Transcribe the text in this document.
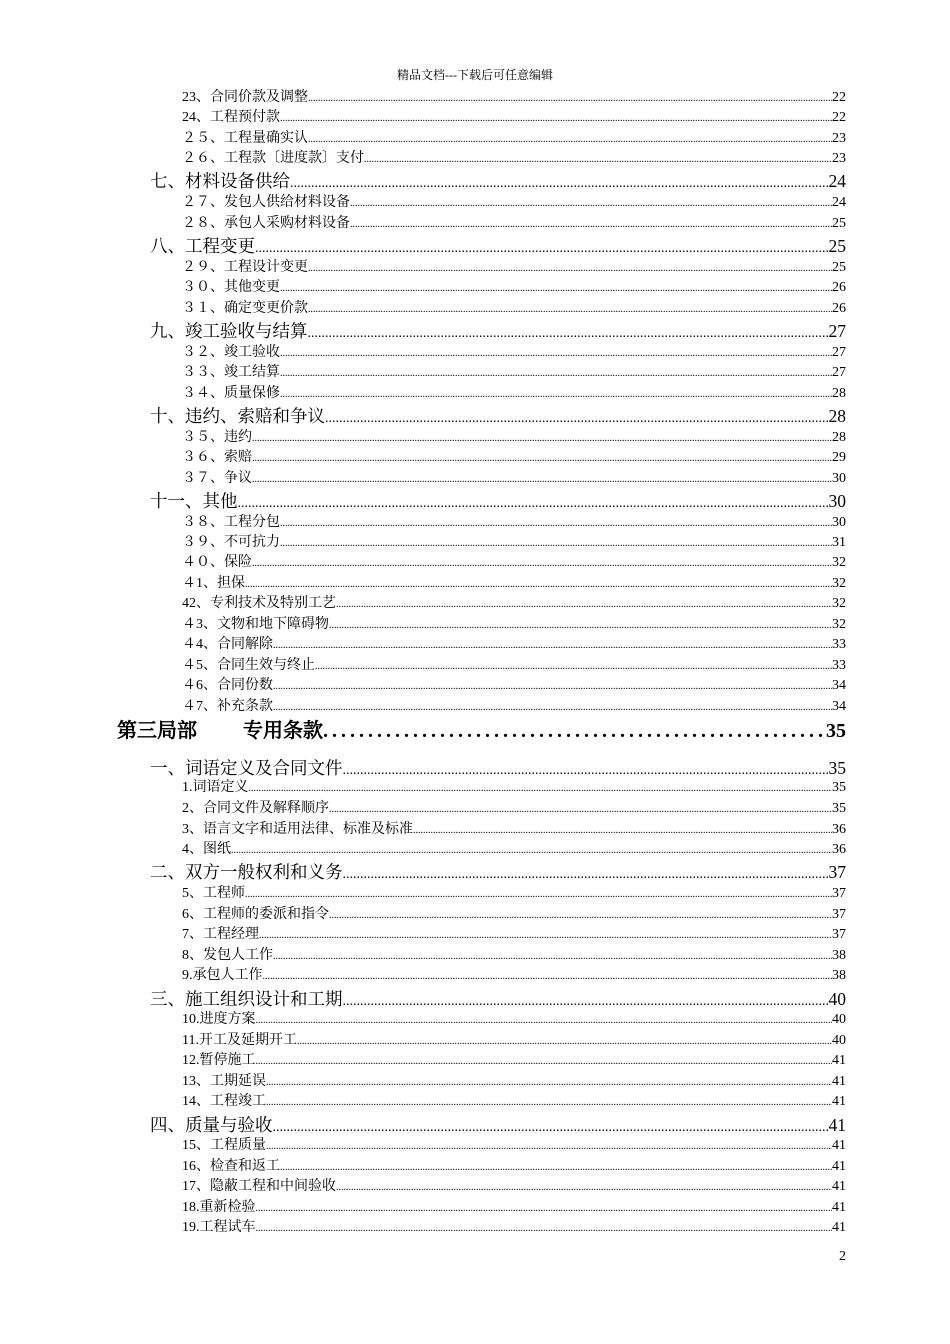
精品文档---下载后可任意编辑
23、合同价款及调整 .....	22
24、工程预付款 .....	22
２５、工程量确实认 .....	23
２６、工程款〔进度款〕支付 .....	23
七、材料设备供给 .....	24
２７、发包人供给材料设备 .....	24
２８、承包人采购材料设备 .....	25
八、工程变更 .....	25
２９、工程设计变更 .....	25
３０、其他变更 .....	26
３１、确定变更价款 .....	26
九、竣工验收与结算 .....	27
３２、竣工验收 .....	27
３３、竣工结算 .....	27
３４、质量保修 .....	28
十、违约、索赔和争议 .....	28
３５、违约 .....	28
３６、索赔 .....	29
３７、争议 .....	30
十一、其他 .....	30
３８、工程分包 .....	30
３９、不可抗力 .....	31
４０、保险 .....	32
４1、担保 .....	32
42、专利技术及特别工艺 .....	32
４3、文物和地下障碍物 .....	32
４4、合同解除 .....	33
４5、合同生效与终止 .....	33
４6、合同份数 .....	34
４7、补充条款 .....	34
第三局部 专用条款 .....	35
一、词语定义及合同文件 .....	35
1.词语定义 .....	35
2、合同文件及解释顺序 .....	35
3、语言文字和适用法律、标准及标准 .....	36
4、图纸 .....	36
二、双方一般权利和义务 .....	37
5、工程师 .....	37
6、工程师的委派和指令 .....	37
7、工程经理 .....	37
8、发包人工作 .....	38
9.承包人工作 .....	38
三、施工组织设计和工期 .....	40
10.进度方案 .....	40
11.开工及延期开工 .....	40
12.暂停施工 .....	41
13、工期延误 .....	41
14、工程竣工 .....	41
四、质量与验收 .....	41
15、工程质量 .....	41
16、检查和返工 .....	41
17、隐蔽工程和中间验收 .....	41
18.重新检验 .....	41
19.工程试车 .....	41
2
